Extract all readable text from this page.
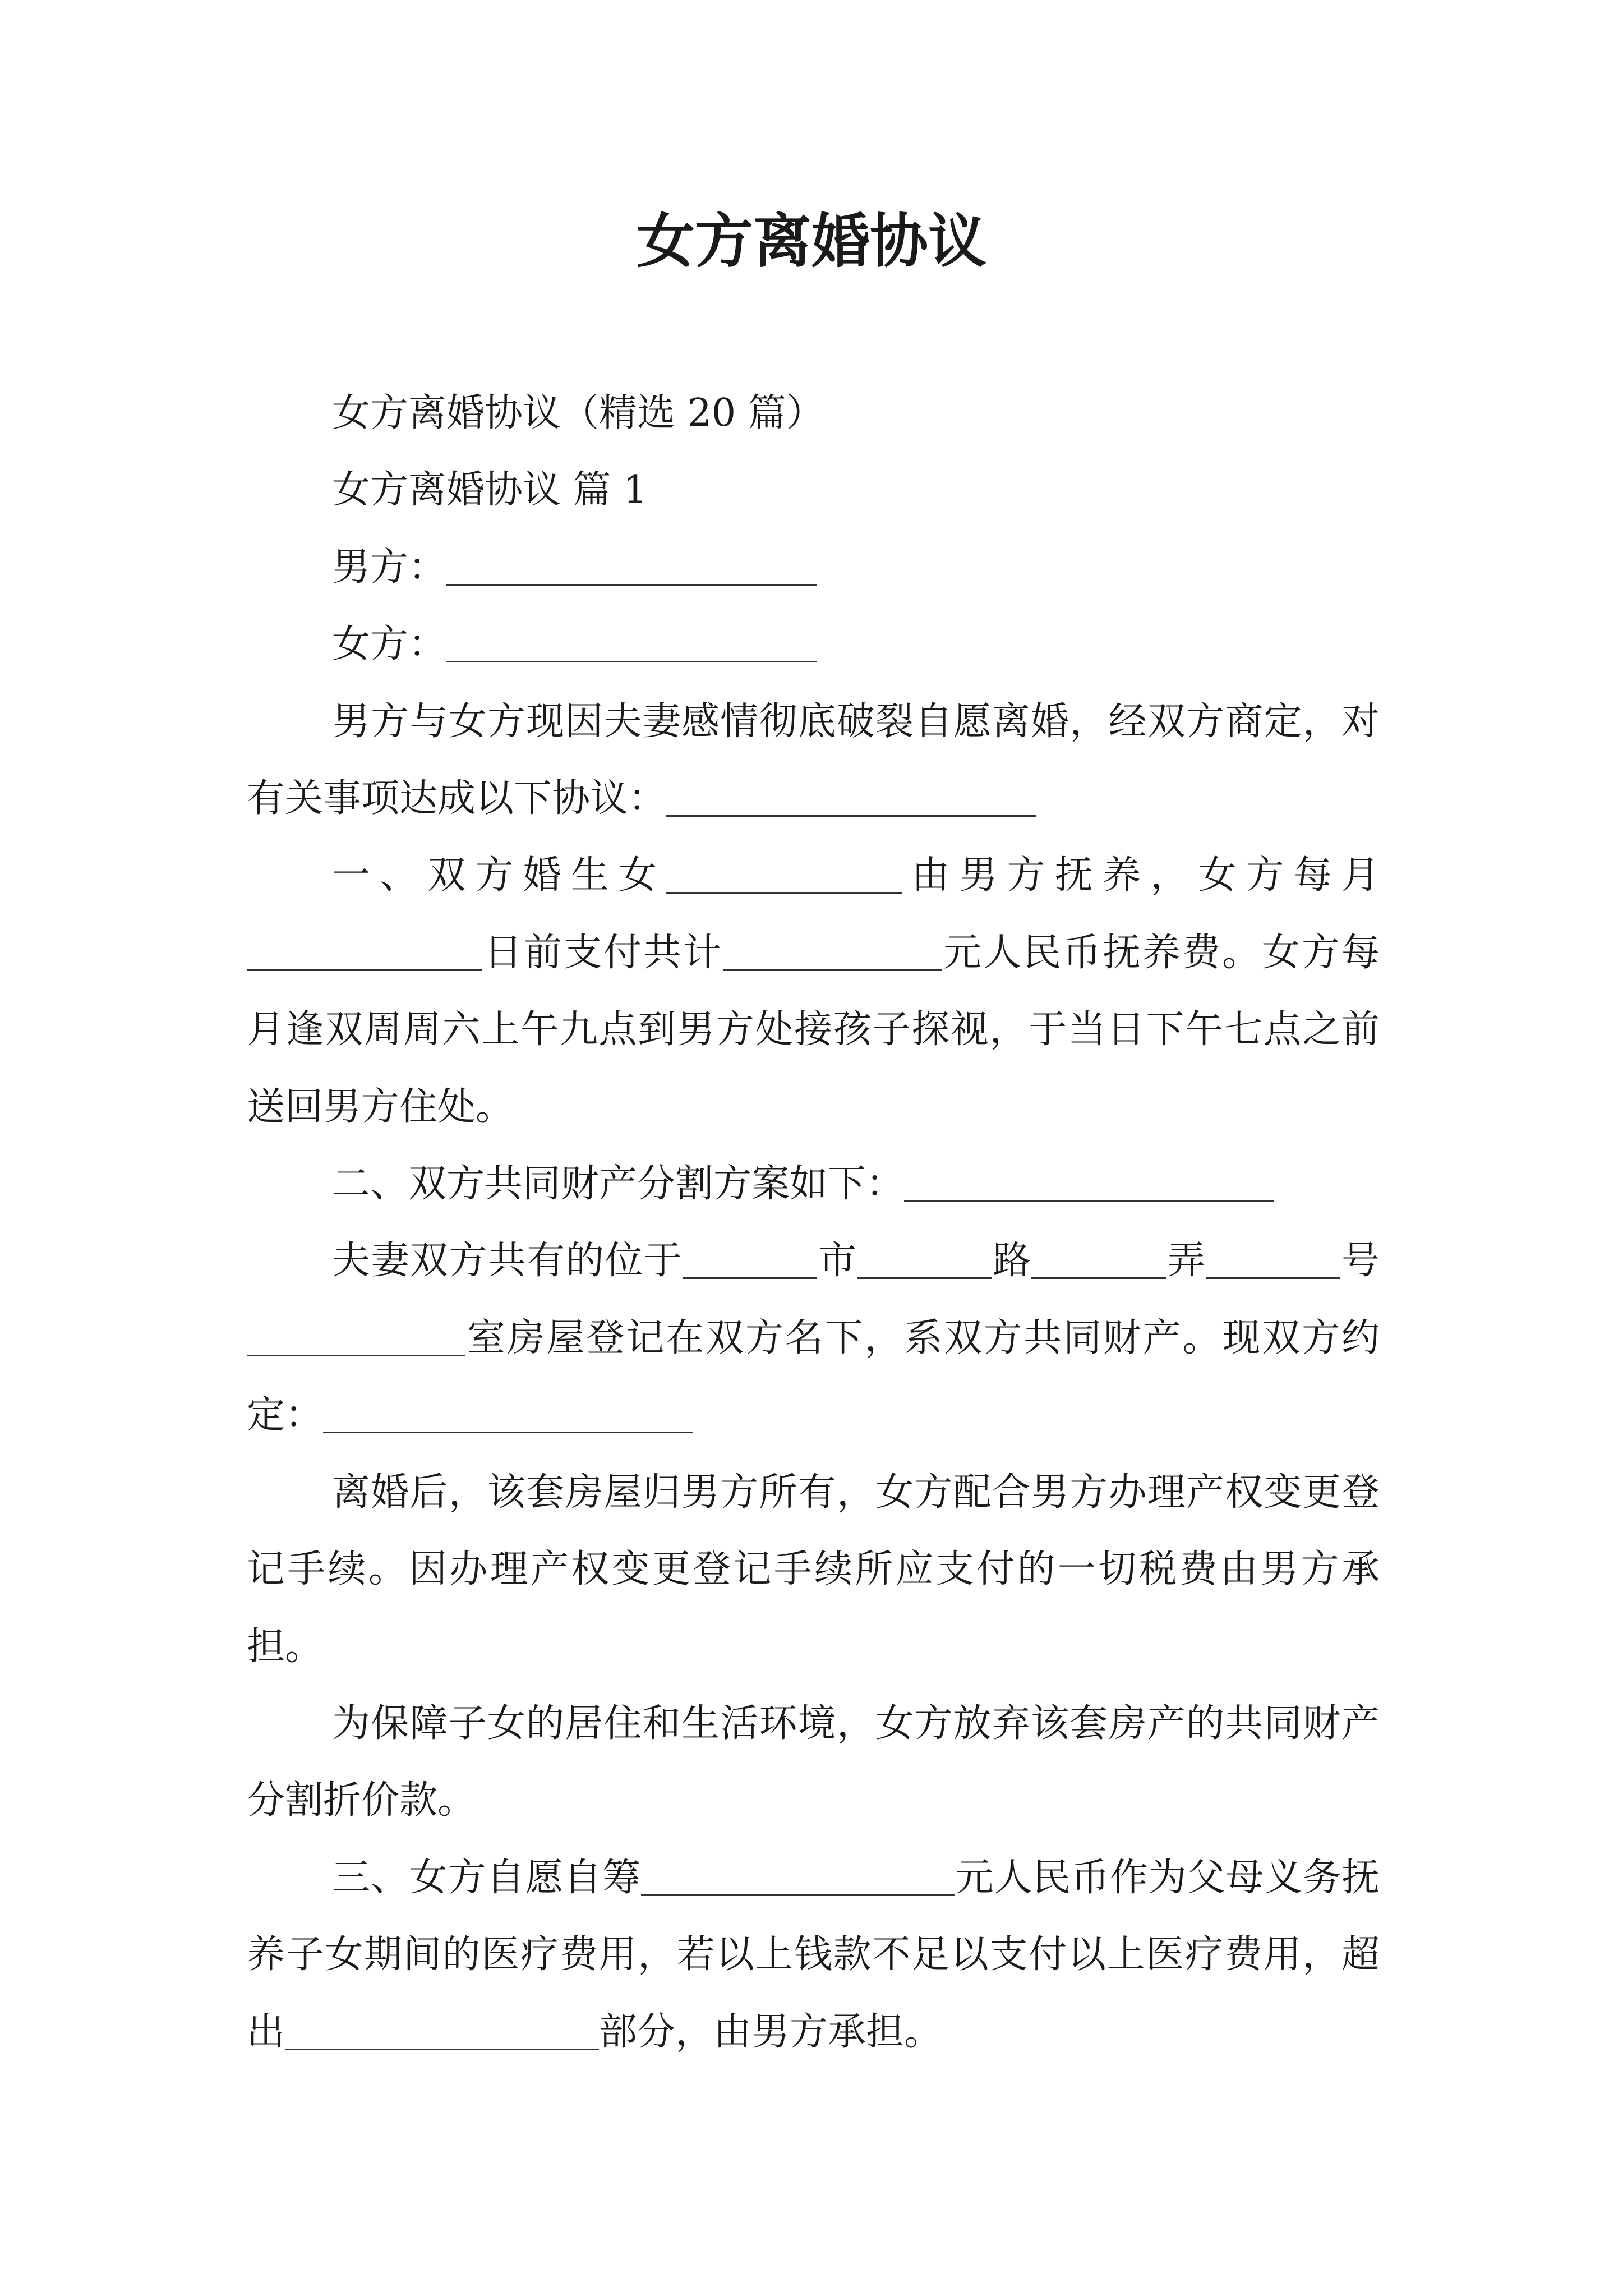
女方离婚协议

女方离婚协议（精选 20 篇）

女方离婚协议 篇 1

男方：

女方：

男方与女方现因夫妻感情彻底破裂自愿离婚，经双方商定，对有关事项达成以下协议：

一、双方婚生女	由男方抚养，女方每月日前支付共计	元人民币抚养费。女方每月逢双周周六上午九点到男方处接孩子探视，于当日下午七点之前送回男方住处。

二、双方共同财产分割方案如下：

夫妻双方共有的位于	市	路	弄	号室房屋登记在双方名下，系双方共同财产。现双方约定：

离婚后，该套房屋归男方所有，女方配合男方办理产权变更登记手续。因办理产权变更登记手续所应支付的一切税费由男方承担。

为保障子女的居住和生活环境，女方放弃该套房产的共同财产分割折价款。

三、女方自愿自筹	元人民币作为父母义务抚养子女期间的医疗费用，若以上钱款不足以支付以上医疗费用，超出	部分，由男方承担。
